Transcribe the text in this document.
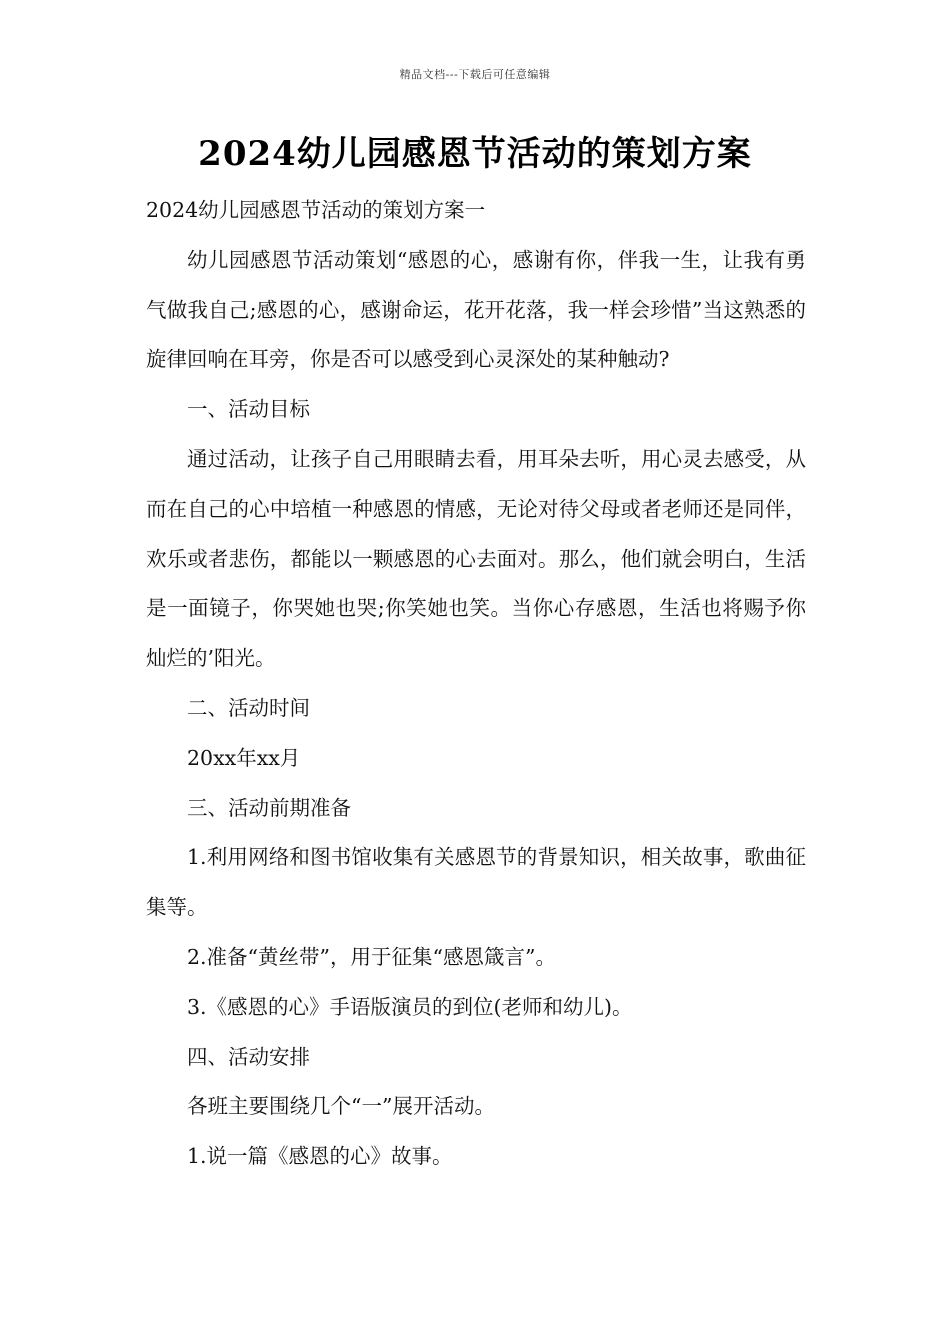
精品文档---下载后可任意编辑
2024幼儿园感恩节活动的策划方案

2024幼儿园感恩节活动的策划方案一

幼儿园感恩节活动策划“感恩的心，感谢有你，伴我一生，让我有勇气做我自己;感恩的心，感谢命运，花开花落，我一样会珍惜”当这熟悉的旋律回响在耳旁，你是否可以感受到心灵深处的某种触动?

一、活动目标

通过活动，让孩子自己用眼睛去看，用耳朵去听，用心灵去感受，从而在自己的心中培植一种感恩的情感，无论对待父母或者老师还是同伴，欢乐或者悲伤，都能以一颗感恩的心去面对。那么，他们就会明白，生活是一面镜子，你哭她也哭;你笑她也笑。当你心存感恩，生活也将赐予你灿烂的’阳光。

二、活动时间

20xx年xx月

三、活动前期准备

1.利用网络和图书馆收集有关感恩节的背景知识，相关故事，歌曲征集等。

2.准备“黄丝带”，用于征集“感恩箴言”。

3.《感恩的心》手语版演员的到位(老师和幼儿)。

四、活动安排

各班主要围绕几个“一”展开活动。

1.说一篇《感恩的心》故事。
